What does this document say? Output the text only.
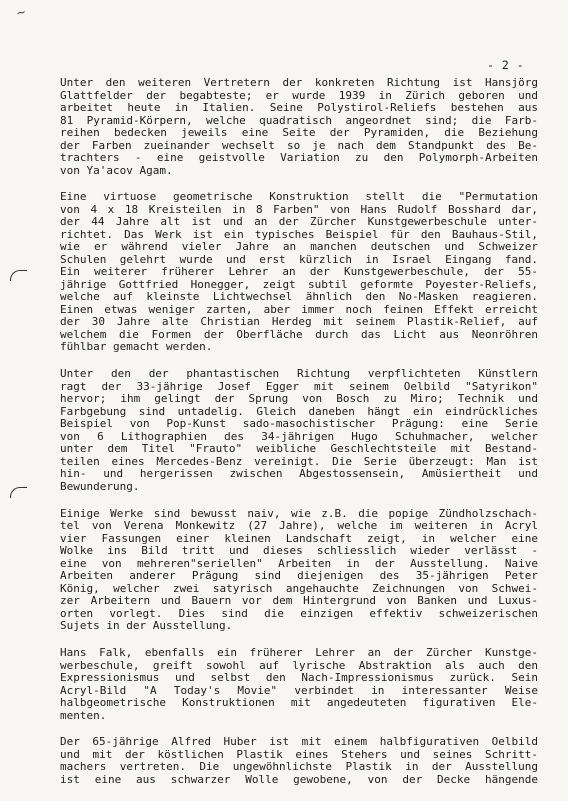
~
- 2 -
Unter den weiteren Vertretern der konkreten Richtung ist Hansjörg
Glattfelder der begabteste; er wurde 1939 in Zürich geboren und
arbeitet heute in Italien. Seine Polystirol-Reliefs bestehen aus
81 Pyramid-Körpern, welche quadratisch angeordnet sind; die Farb-
reihen bedecken jeweils eine Seite der Pyramiden, die Beziehung
der Farben zueinander wechselt so je nach dem Standpunkt des Be-
trachters - eine geistvolle Variation zu den Polymorph-Arbeiten
von Ya'acov Agam.
Eine virtuose geometrische Konstruktion stellt die "Permutation
von 4 x 18 Kreisteilen in 8 Farben" von Hans Rudolf Bosshard dar,
der 44 Jahre alt ist und an der Zürcher Kunstgewerbeschule unter-
richtet. Das Werk ist ein typisches Beispiel für den Bauhaus-Stil,
wie er während vieler Jahre an manchen deutschen und Schweizer
Schulen gelehrt wurde und erst kürzlich in Israel Eingang fand.
Ein weiterer früherer Lehrer an der Kunstgewerbeschule, der 55-
jährige Gottfried Honegger, zeigt subtil geformte Poyester-Reliefs,
welche auf kleinste Lichtwechsel ähnlich den No-Masken reagieren.
Einen etwas weniger zarten, aber immer noch feinen Effekt erreicht
der 30 Jahre alte Christian Herdeg mit seinem Plastik-Relief, auf
welchem die Formen der Oberfläche durch das Licht aus Neonröhren
fühlbar gemacht werden.
Unter den der phantastischen Richtung verpflichteten Künstlern
ragt der 33-jährige Josef Egger mit seinem Oelbild "Satyrikon"
hervor; ihm gelingt der Sprung von Bosch zu Miro; Technik und
Farbgebung sind untadelig. Gleich daneben hängt ein eindrückliches
Beispiel von Pop-Kunst sado-masochistischer Prägung: eine Serie
von 6 Lithographien des 34-jährigen Hugo Schuhmacher, welcher
unter dem Titel "Frauto" weibliche Geschlechtsteile mit Bestand-
teilen eines Mercedes-Benz vereinigt. Die Serie überzeugt: Man ist
hin- und hergerissen zwischen Abgestossensein, Amüsiertheit und
Bewunderung.
Einige Werke sind bewusst naiv, wie z.B. die popige Zündholzschach-
tel von Verena Monkewitz (27 Jahre), welche im weiteren in Acryl
vier Fassungen einer kleinen Landschaft zeigt, in welcher eine
Wolke ins Bild tritt und dieses schliesslich wieder verlässt -
eine von mehreren"seriellen" Arbeiten in der Ausstellung. Naive
Arbeiten anderer Prägung sind diejenigen des 35-jährigen Peter
König, welcher zwei satyrisch angehauchte Zeichnungen von Schwei-
zer Arbeitern und Bauern vor dem Hintergrund von Banken und Luxus-
orten vorlegt. Dies sind die einzigen effektiv schweizerischen
Sujets in der Ausstellung.
Hans Falk, ebenfalls ein früherer Lehrer an der Zürcher Kunstge-
werbeschule, greift sowohl auf lyrische Abstraktion als auch den
Expressionismus und selbst den Nach-Impressionismus zurück. Sein
Acryl-Bild "A Today's Movie" verbindet in interessanter Weise
halbgeometrische Konstruktionen mit angedeuteten figurativen Ele-
menten.
Der 65-jährige Alfred Huber ist mit einem halbfigurativen Oelbild
und mit der köstlichen Plastik eines Stehers und seines Schritt-
machers vertreten. Die ungewöhnlichste Plastik in der Ausstellung
ist eine aus schwarzer Wolle gewobene, von der Decke hängende
